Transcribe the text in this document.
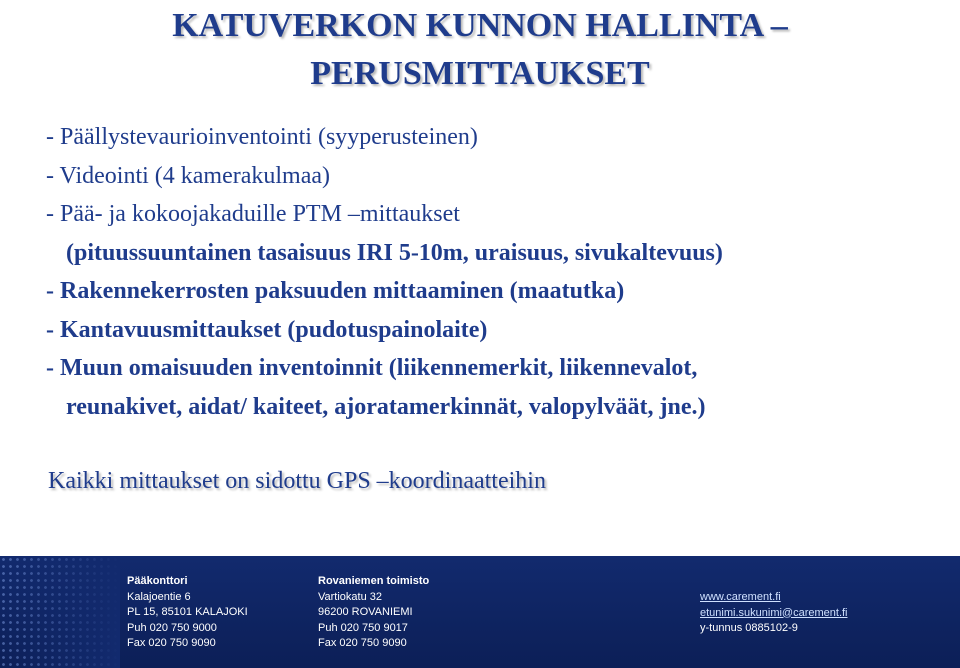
KATUVERKON KUNNON HALLINTA –
PERUSMITTAUKSET
- Päällystevaurioinventointi (syyperusteinen)
- Videointi (4 kamerakulmaa)
- Pää- ja kokoojakaduille PTM –mittaukset
(pituussuuntainen tasaisuus IRI 5-10m, uraisuus, sivukaltevuus)
- Rakennekerrosten paksuuden mittaaminen (maatutka)
- Kantavuusmittaukset (pudotuspainolaite)
- Muun omaisuuden inventoinnit (liikennemerkit, liikennevalot,
reunakivet, aidat/ kaiteet, ajoratamerkinnät, valopylväät, jne.)
Kaikki mittaukset on sidottu GPS –koordinaatteihin
Pääkonttori
Kalajoentie 6
PL 15, 85101 KALAJOKI
Puh 020 750 9000
Fax 020 750 9090
Rovaniemen toimisto
Vartiokatu 32
96200 ROVANIEMI
Puh 020 750 9017
Fax 020 750 9090
www.carement.fi
etunimi.sukunimi@carement.fi
y-tunnus 0885102-9
